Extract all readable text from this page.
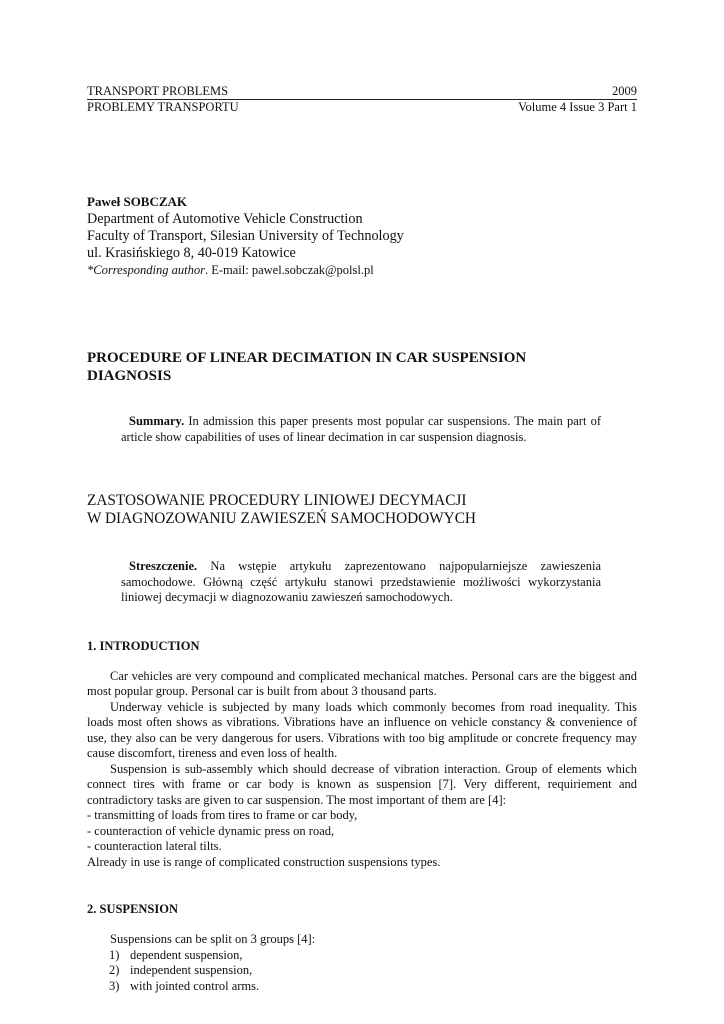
TRANSPORT PROBLEMS	2009
PROBLEMY TRANSPORTU	Volume 4 Issue 3 Part 1
Paweł SOBCZAK
Department of Automotive Vehicle Construction
Faculty of Transport, Silesian University of Technology
ul. Krasińskiego 8, 40-019 Katowice
*Corresponding author. E-mail: pawel.sobczak@polsl.pl
PROCEDURE OF LINEAR DECIMATION IN CAR SUSPENSION
DIAGNOSIS
Summary. In admission this paper presents most popular car suspensions. The main part of article show capabilities of uses of linear decimation in car suspension diagnosis.
ZASTOSOWANIE PROCEDURY LINIOWEJ DECYMACJI
W DIAGNOZOWANIU ZAWIESZEŃ SAMOCHODOWYCH
Streszczenie. Na wstępie artykułu zaprezentowano najpopularniejsze zawieszenia samochodowe. Główną część artykułu stanowi przedstawienie możliwości wykorzystania liniowej decymacji w diagnozowaniu zawieszeń samochodowych.
1. INTRODUCTION
Car vehicles are very compound and complicated mechanical matches. Personal cars are the biggest and most popular group. Personal car is built from about 3 thousand parts.
Underway vehicle is subjected by many loads which commonly becomes from road inequality. This loads most often shows as vibrations. Vibrations have an influence on vehicle constancy & convenience of use, they also can be very dangerous for users. Vibrations with too big amplitude or concrete frequency may cause discomfort, tireness and even loss of health.
Suspension is sub-assembly which should decrease of vibration interaction. Group of elements which connect tires with frame or car body is known as suspension [7]. Very different, requiriement and contradictory tasks are given to car suspension. The most important of them are [4]:
- transmitting of loads from tires to frame or car body,
- counteraction of vehicle dynamic press on road,
- counteraction lateral tilts.
Already in use is range of complicated construction suspensions types.
2. SUSPENSION
Suspensions can be split on 3 groups [4]:
1) dependent suspension,
2) independent suspension,
3) with jointed control arms.
